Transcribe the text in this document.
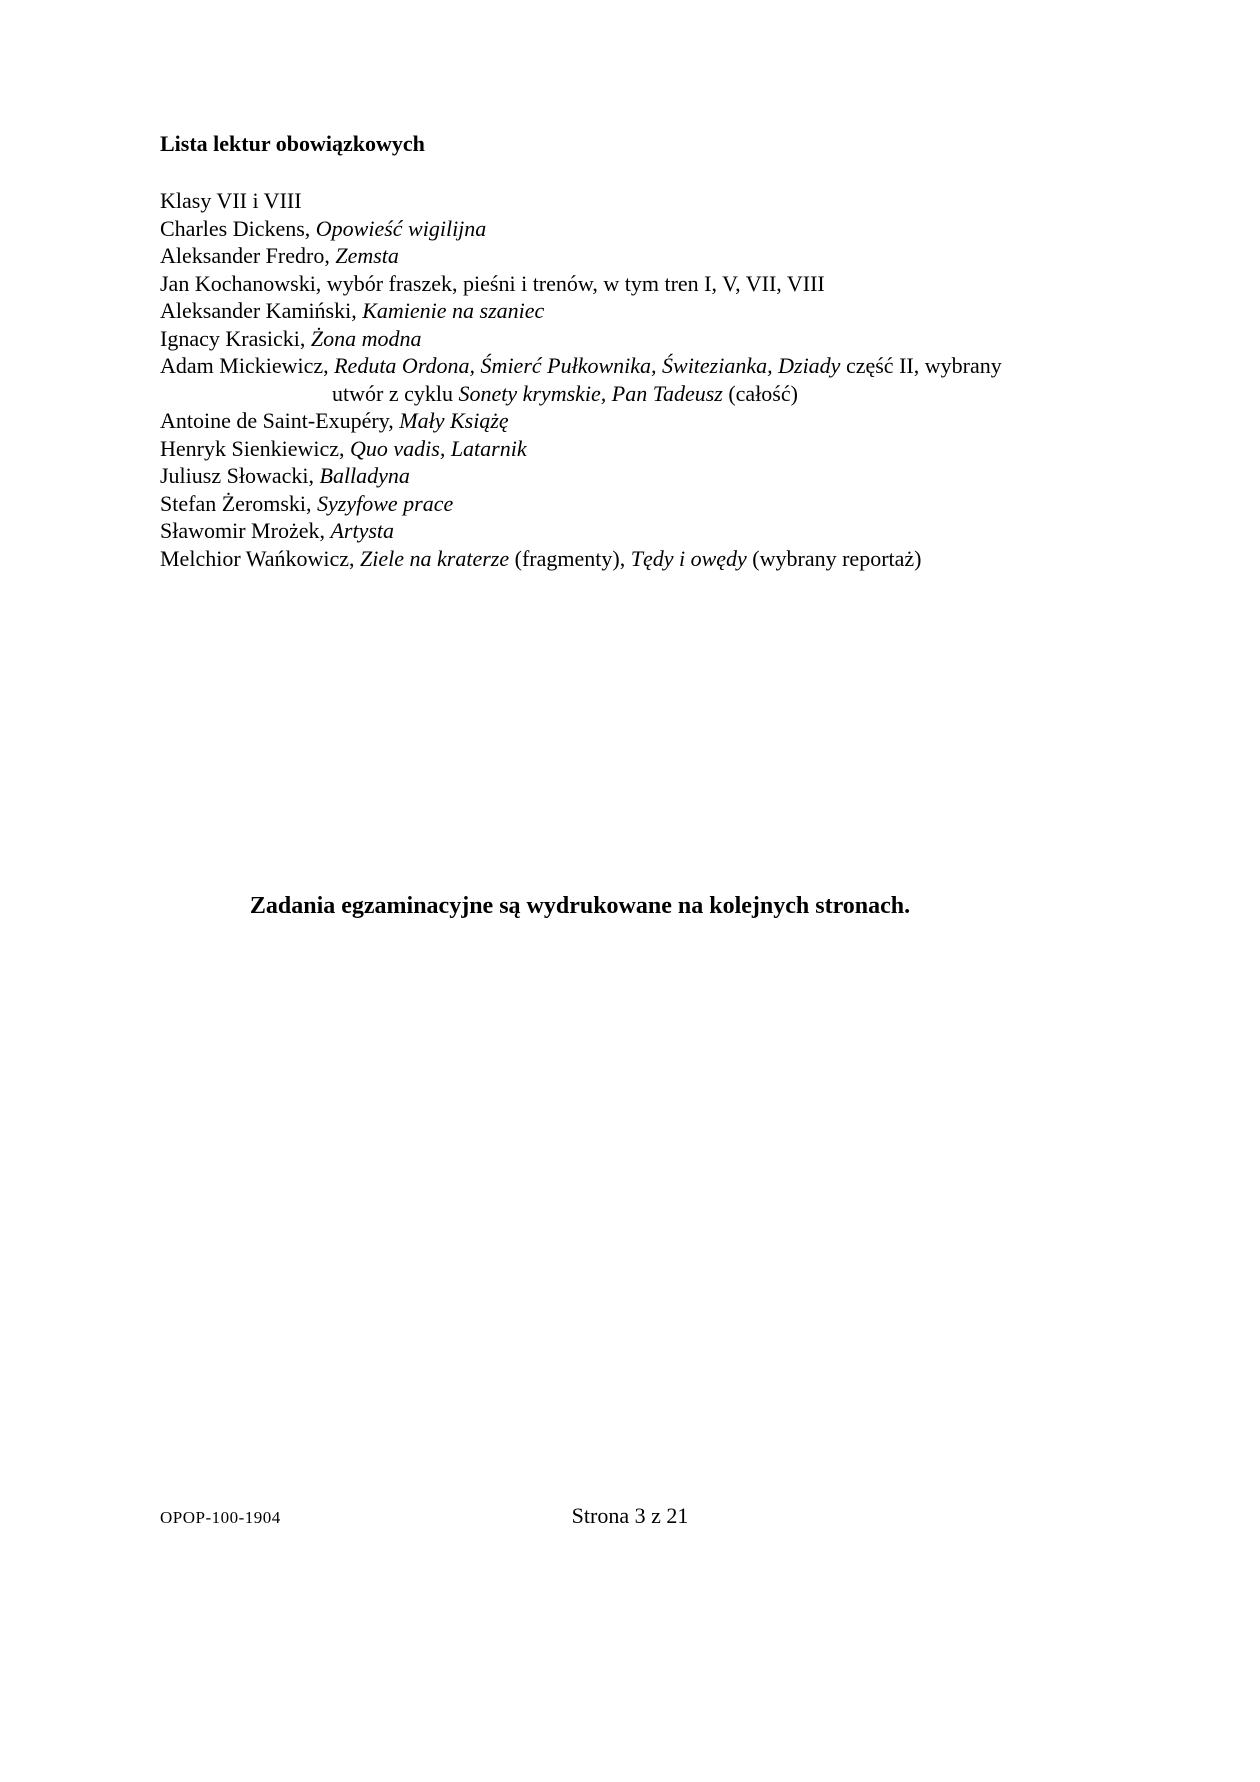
Lista lektur obowiązkowych

Klasy VII i VIII

Charles Dickens, Opowieść wigilijna

Aleksander Fredro, Zemsta

Jan Kochanowski, wybór fraszek, pieśni i trenów, w tym tren I, V, VII, VIII

Aleksander Kamiński, Kamienie na szaniec

Ignacy Krasicki, Żona modna

Adam Mickiewicz, Reduta Ordona, Śmierć Pułkownika, Świtezianka, Dziady część II, wybrany

utwór z cyklu Sonety krymskie, Pan Tadeusz (całość)

Antoine de Saint-Exupéry, Mały Książę

Henryk Sienkiewicz, Quo vadis, Latarnik

Juliusz Słowacki, Balladyna

Stefan Żeromski, Syzyfowe prace

Sławomir Mrożek, Artysta

Melchior Wańkowicz, Ziele na kraterze (fragmenty), Tędy i owędy (wybrany reportaż)

Zadania egzaminacyjne są wydrukowane na kolejnych stronach.

OPOP-100-1904	Strona 3 z 21
